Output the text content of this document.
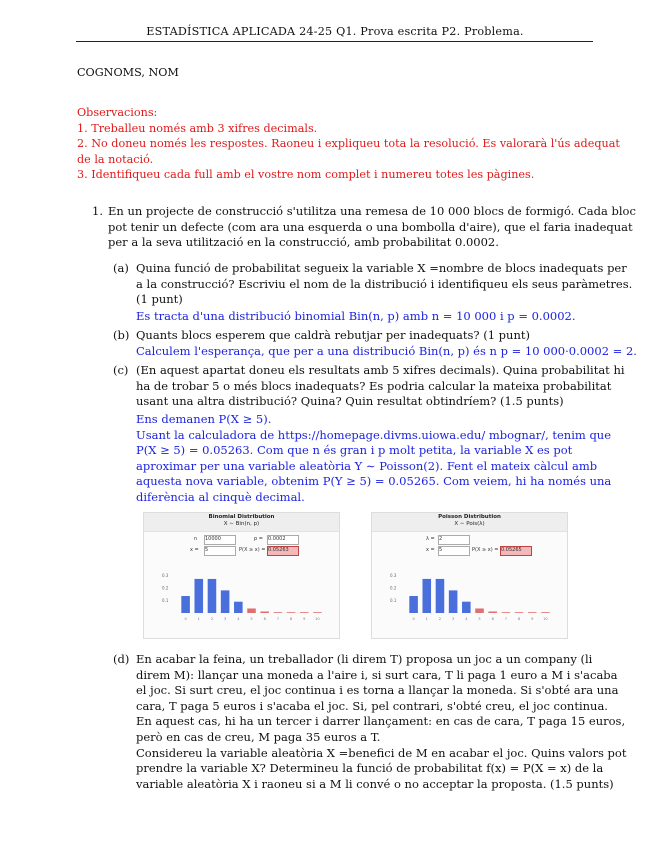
ESTADÍSTICA APLICADA 24-25 Q1. Prova escrita P2. Problema.
COGNOMS, NOM
Observacions:
1. Treballeu només amb 3 xifres decimals.
2. No doneu només les respostes. Raoneu i expliqueu tota la resolució. Es valorarà l'ús adequat
de la notació.
3. Identifiqueu cada full amb el vostre nom complet i numereu totes les pàgines.
1. En un projecte de construcció s'utilitza una remesa de 10 000 blocs de formigó. Cada bloc
pot tenir un defecte (com ara una esquerda o una bombolla d'aire), que el faria inadequat
per a la seva utilització en la construcció, amb probabilitat 0.0002.
(a) Quina funció de probabilitat segueix la variable X =nombre de blocs inadequats per
a la construcció? Escriviu el nom de la distribució i identifiqueu els seus paràmetres.
(1 punt)
Es tracta d'una distribució binomial Bin(n, p) amb n = 10 000 i p = 0.0002.
(b) Quants blocs esperem que caldrà rebutjar per inadequats? (1 punt)
Calculem l'esperança, que per a una distribució Bin(n, p) és n p = 10 000·0.0002 = 2.
(c) (En aquest apartat doneu els resultats amb 5 xifres decimals). Quina probabilitat hi
ha de trobar 5 o més blocs inadequats? Es podria calcular la mateixa probabilitat
usant una altra distribució? Quina? Quin resultat obtindríem? (1.5 punts)
Ens demanen P(X ≥ 5).
Usant la calculadora de https://homepage.divms.uiowa.edu/ mbognar/, tenim que
P(X ≥ 5) = 0.05263. Com que n és gran i p molt petita, la variable X es pot
aproximar per una variable aleatòria Y ∼ Poisson(2). Fent el mateix càlcul amb
aquesta nova variable, obtenim P(Y ≥ 5) = 0.05265. Com veiem, hi ha només una
diferència al cinquè decimal.
Binomial Distribution
X ∼ Bin(n, p)
n 10000	p = 0.0002
x = 5	P(X ≥ x) = 0.05263
0.3
0.2
0.1
0	1	2	3	4	5	6	7	8	9	10
Poisson Distribution
X ∼ Pois(λ)
λ = 2
x = 5	P(X ≥ x) = 0.05265
0.3
0.2
0.1
0	1	2	3	4	5	6	7	8	9	10
(d) En acabar la feina, un treballador (li direm T) proposa un joc a un company (li
direm M): llançar una moneda a l'aire i, si surt cara, T li paga 1 euro a M i s'acaba
el joc. Si surt creu, el joc continua i es torna a llançar la moneda. Si s'obté ara una
cara, T paga 5 euros i s'acaba el joc. Si, pel contrari, s'obté creu, el joc continua.
En aquest cas, hi ha un tercer i darrer llançament: en cas de cara, T paga 15 euros,
però en cas de creu, M paga 35 euros a T.
Considereu la variable aleatòria X =benefici de M en acabar el joc. Quins valors pot
prendre la variable X? Determineu la funció de probabilitat f(x) = P(X = x) de la
variable aleatòria X i raoneu si a M li convé o no acceptar la proposta. (1.5 punts)
